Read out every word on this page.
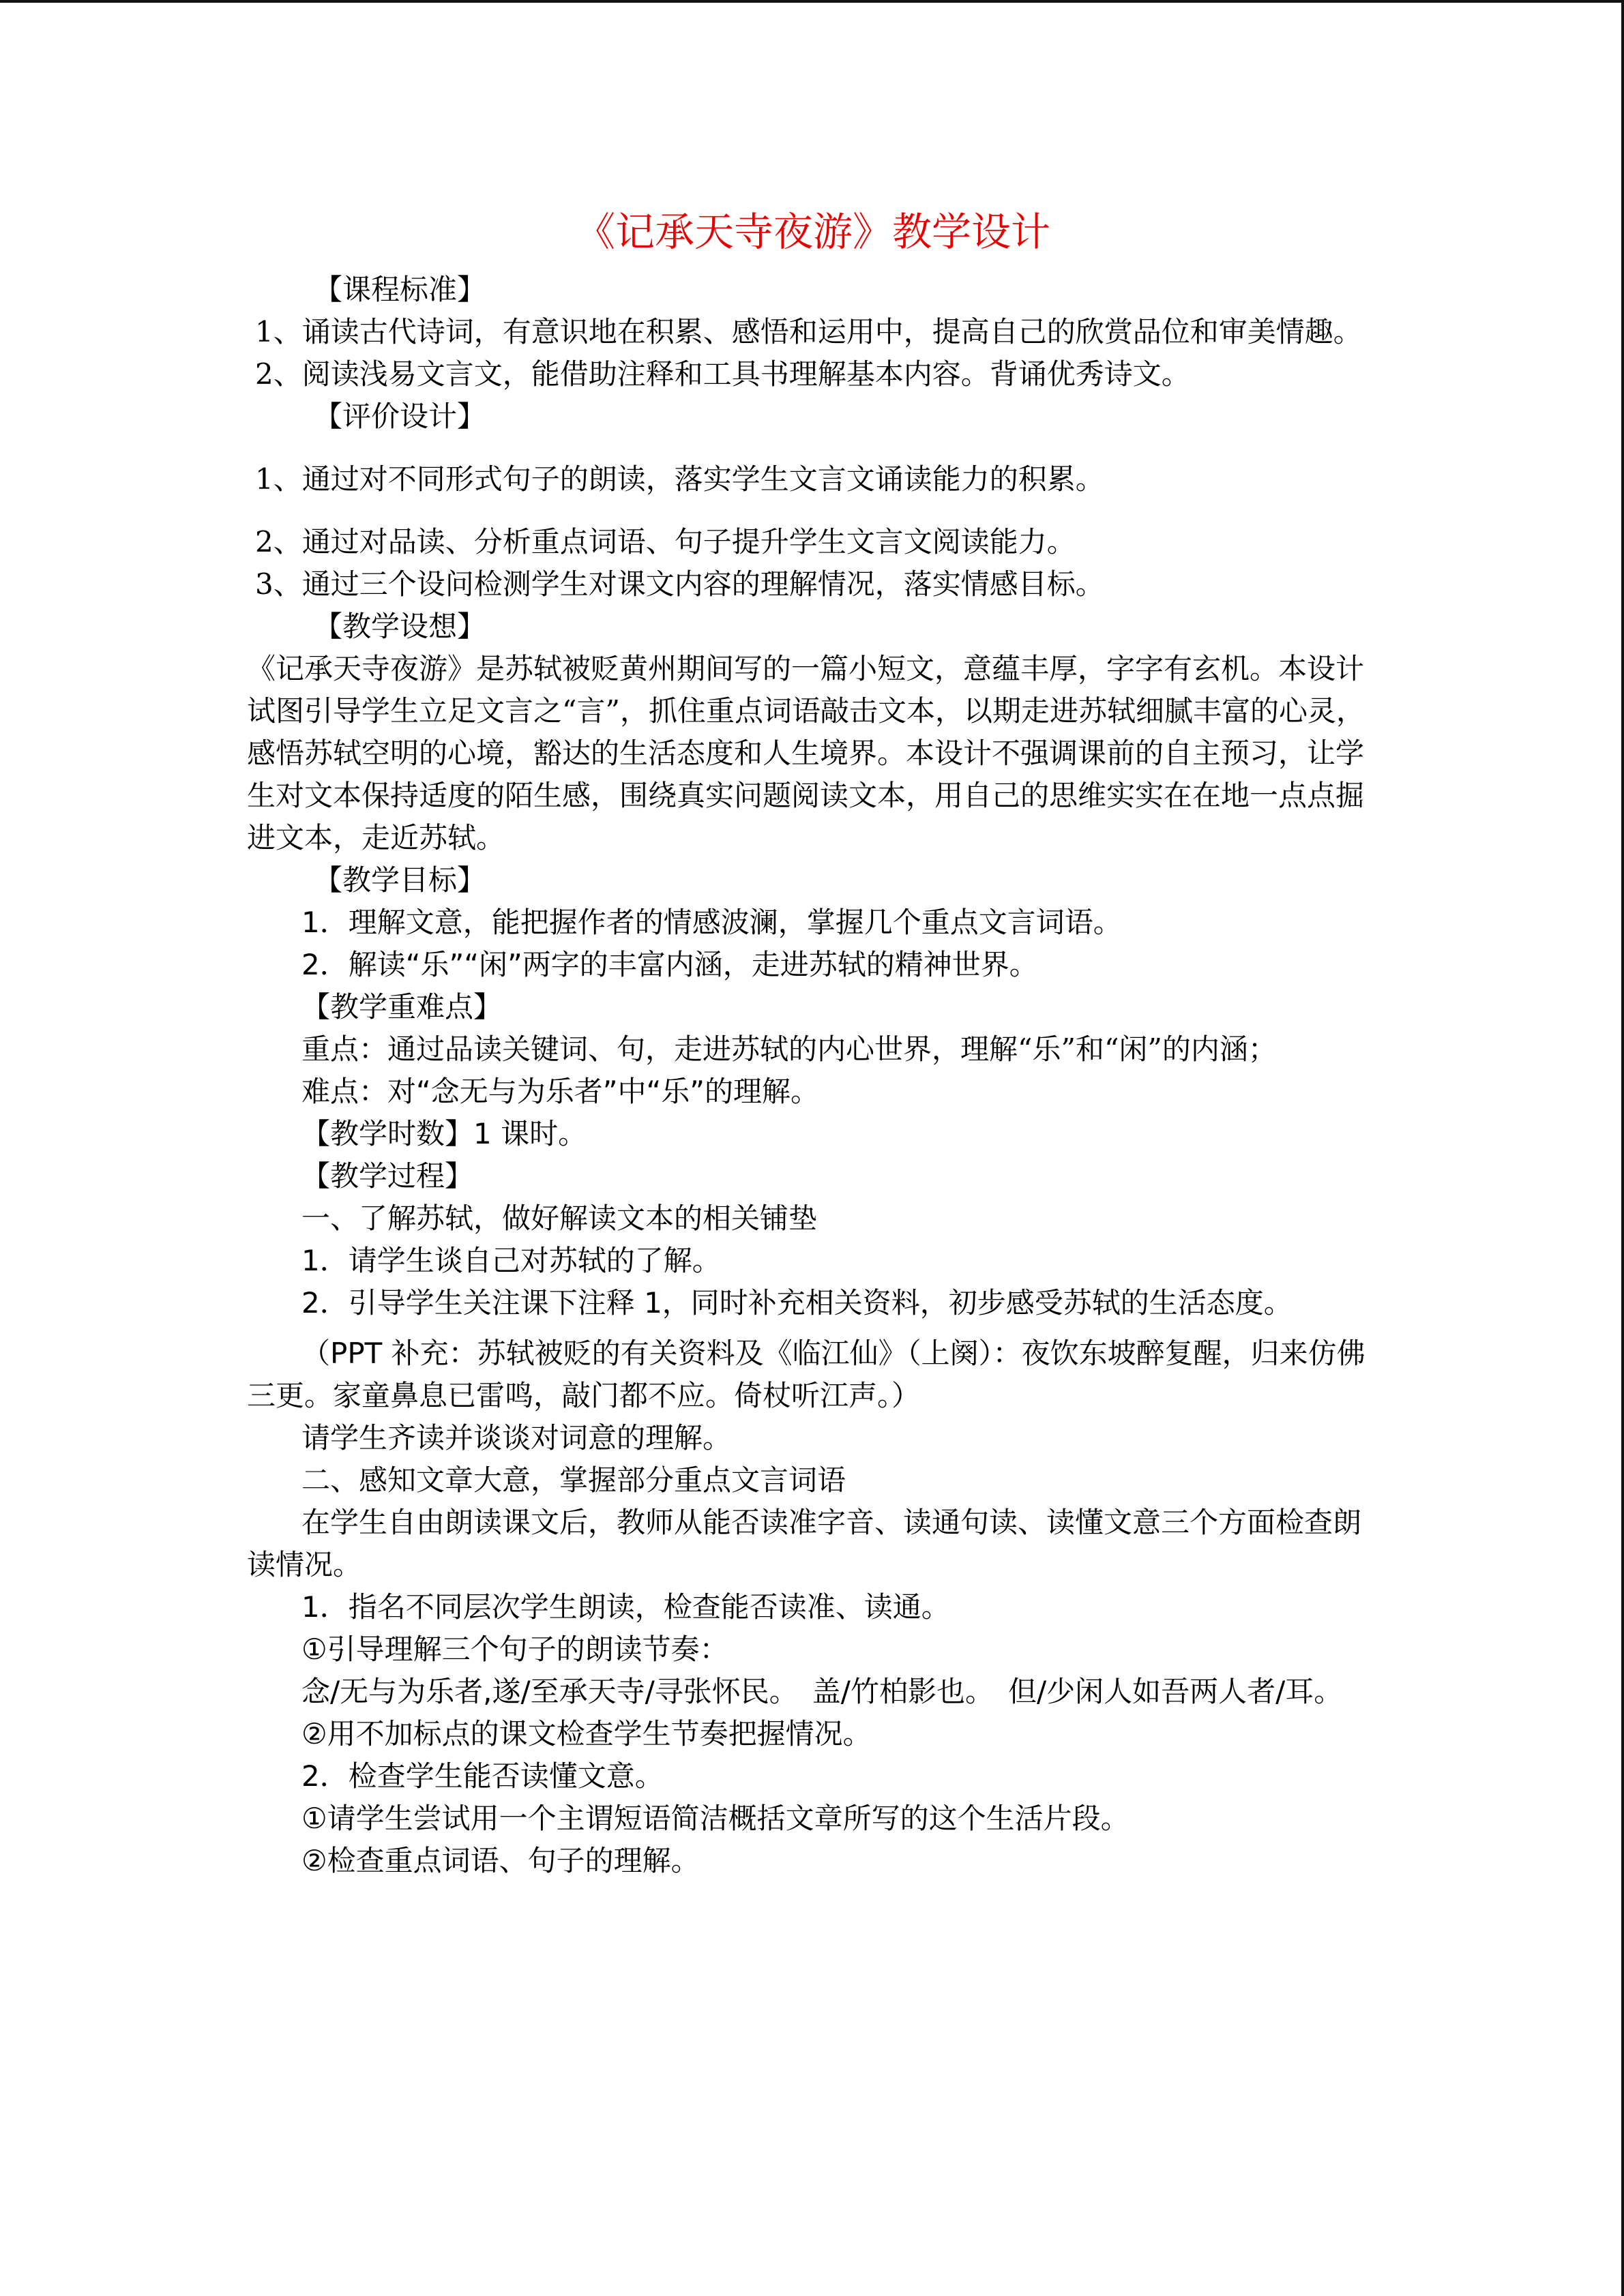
《记承天寺夜游》教学设计
【课程标准】
1、诵读古代诗词，有意识地在积累、感悟和运用中，提高自己的欣赏品位和审美情趣。
2、阅读浅易文言文，能借助注释和工具书理解基本内容。背诵优秀诗文。
【评价设计】
1、通过对不同形式句子的朗读，落实学生文言文诵读能力的积累。
2、通过对品读、分析重点词语、句子提升学生文言文阅读能力。
3、通过三个设问检测学生对课文内容的理解情况，落实情感目标。
【教学设想】
《记承天寺夜游》是苏轼被贬黄州期间写的一篇小短文，意蕴丰厚，字字有玄机。本设计试图引导学生立足文言之“言”，抓住重点词语敲击文本，以期走进苏轼细腻丰富的心灵，感悟苏轼空明的心境，豁达的生活态度和人生境界。本设计不强调课前的自主预习，让学生对文本保持适度的陌生感，围绕真实问题阅读文本，用自己的思维实实在在地一点点掘进文本，走近苏轼。
【教学目标】
1．理解文意，能把握作者的情感波澜，掌握几个重点文言词语。
2．解读“乐”“闲”两字的丰富内涵，走进苏轼的精神世界。
【教学重难点】
重点：通过品读关键词、句，走进苏轼的内心世界，理解“乐”和“闲”的内涵；
难点：对“念无与为乐者”中“乐”的理解。
【教学时数】1 课时。
【教学过程】
一、了解苏轼，做好解读文本的相关铺垫
1．请学生谈自己对苏轼的了解。
2．引导学生关注课下注释 1，同时补充相关资料，初步感受苏轼的生活态度。
（PPT 补充：苏轼被贬的有关资料及《临江仙》（上阕）：夜饮东坡醉复醒，归来仿佛三更。家童鼻息已雷鸣，敲门都不应。倚杖听江声。）
请学生齐读并谈谈对词意的理解。
二、感知文章大意，掌握部分重点文言词语
在学生自由朗读课文后，教师从能否读准字音、读通句读、读懂文意三个方面检查朗读情况。
1．指名不同层次学生朗读，检查能否读准、读通。
①引导理解三个句子的朗读节奏：
念/无与为乐者,遂/至承天寺/寻张怀民。　盖/竹柏影也。　但/少闲人如吾两人者/耳。
②用不加标点的课文检查学生节奏把握情况。
2．检查学生能否读懂文意。
①请学生尝试用一个主谓短语简洁概括文章所写的这个生活片段。
②检查重点词语、句子的理解。
